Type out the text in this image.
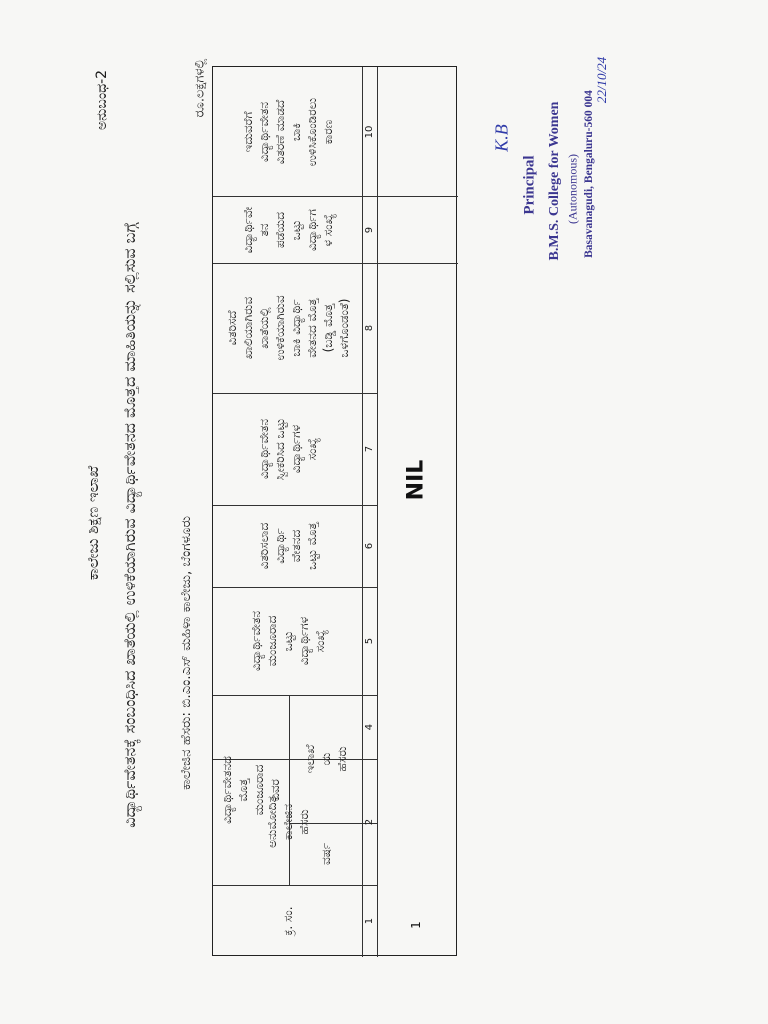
ಕಾಲೇಜು ಶಿಕ್ಷಣ ಇಲಾಖೆ ವಿದ್ಯಾರ್ಥಿವೇತನಕ್ಕೆ ಸಂಬಂಧಿಸಿದ ಖಾತೆಯಲ್ಲಿ ಉಳಿಕೆಯಾಗಿರುವ ವಿದ್ಯಾರ್ಥಿವೇತನದ ಮೊತ್ತದ ಮಾಹಿತಿಯನ್ನು ಸಲ್ಲಿಸುವ ಬಗ್ಗೆ
ಅನುಬಂಧ-2
ಕಾಲೇಜಿನ ಹೆಸರು: ಬಿ.ಎಂ.ಎಸ್ ಮಹಿಳಾ ಕಾಲೇಜು, ಬೆಂಗಳೂರು
ರೂ.ಲಕ್ಷಗಳಲ್ಲಿ
ಕ್ರ. ಸಂ.
ಅನುಮೋದಿತ
ಕಾಲೇಜಿನ
ಹೆಸರು
ವಿದ್ಯಾರ್ಥಿವೇತನದ
ಮೊತ್ತ ಮಂಜೂರಾದ
ವಿವರ
ವರ್ಷ
ಇಲಾಖೆ
ಯ
ಹೆಸರು
ವಿದ್ಯಾರ್ಥಿವೇತನ
ಮಂಜೂರಾದ
ಒಟ್ಟು
ವಿದ್ಯಾರ್ಥಿಗಳ
ಸಂಖ್ಯೆ
ವಿತರಿಸಲಾದ
ವಿದ್ಯಾರ್ಥಿ
ವೇತನದ
ಒಟ್ಟು ಮೊತ್ತ
ವಿದ್ಯಾರ್ಥಿವೇತನ
ಸ್ವೀಕರಿಸಿದ ಒಟ್ಟು
ವಿದ್ಯಾರ್ಥಿಗಳ
ಸಂಖ್ಯೆ
ವಿತರಿಸದೆ
ಖಾಲಿಯಾಗಿರುವ
ಖಾತೆಯಲ್ಲಿ
ಉಳಿಕೆಯಾಗಿರುವ
ಬಾಕಿ ವಿದ್ಯಾರ್ಥಿ
ವೇತನದ ಮೊತ್ತ
(ಬಡ್ಡಿ ಮೊತ್ತ
ಒಳಗೊಂಡಂತೆ)
ವಿದ್ಯಾರ್ಥಿವೇ
ತನ
ಪಡೆಯದ
ಒಟ್ಟು
ವಿದ್ಯಾರ್ಥಿಗ
ಳ ಸಂಖ್ಯೆ
ಇದುವರೆಗೆ
ವಿದ್ಯಾರ್ಥಿವೇತನ
ವಿತರಣೆ ಮಾಡದೆ
ಬಾಕಿ
ಉಳಿಸಿಕೊಂಡಿರಲು
ಕಾರಣ
1
2
4
5
6
7
8
9
10
NIL
1
K.B
Principal B.M.S. College for Women (Autonomous) Basavanagudi, Bengaluru-560 004
22/10/24
